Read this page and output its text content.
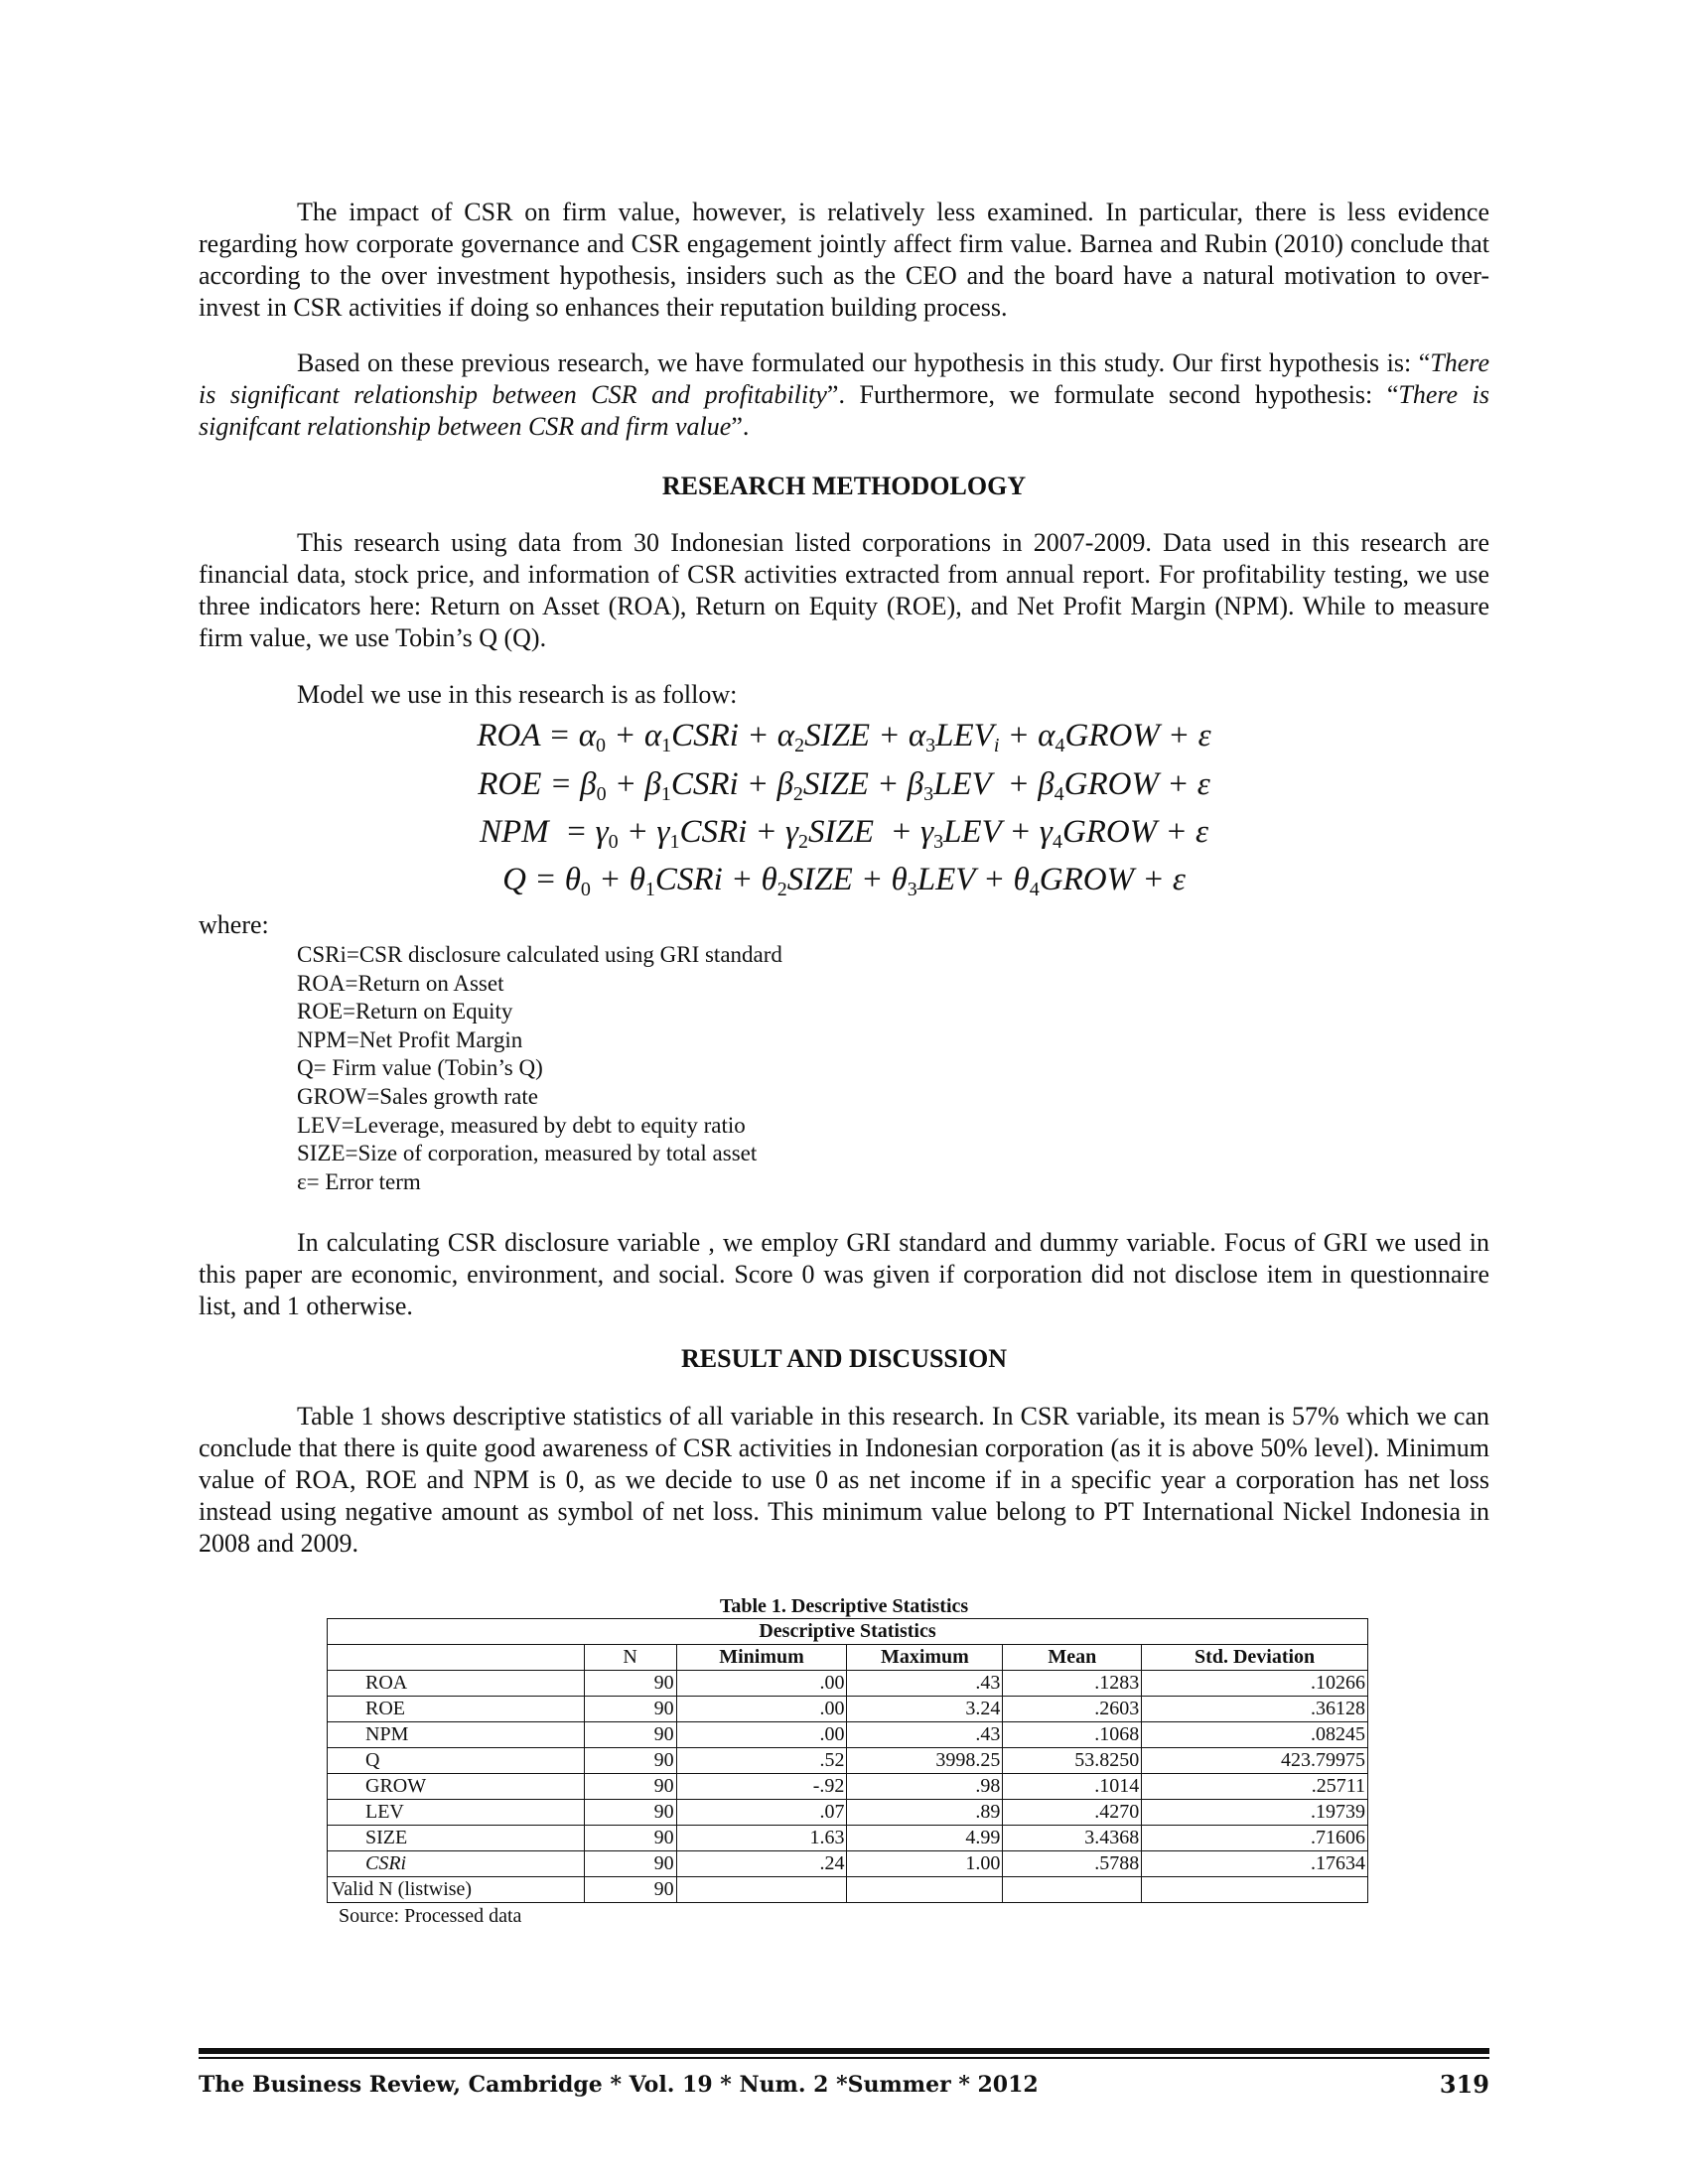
The impact of CSR on firm value, however, is relatively less examined. In particular, there is less evidence regarding how corporate governance and CSR engagement jointly affect firm value. Barnea and Rubin (2010) conclude that according to the over investment hypothesis, insiders such as the CEO and the board have a natural motivation to over-invest in CSR activities if doing so enhances their reputation building process.

Based on these previous research, we have formulated our hypothesis in this study. Our first hypothesis is: “There is significant relationship between CSR and profitability”. Furthermore, we formulate second hypothesis: “There is signifcant relationship between CSR and firm value”.

RESEARCH METHODOLOGY

This research using data from 30 Indonesian listed corporations in 2007-2009. Data used in this research are financial data, stock price, and information of CSR activities extracted from annual report. For profitability testing, we use three indicators here: Return on Asset (ROA), Return on Equity (ROE), and Net Profit Margin (NPM). While to measure firm value, we use Tobin’s Q (Q).

Model we use in this research is as follow:

ROA = $\alpha_0$ + $\alpha_1CSRi$ + $\alpha_2SIZE + \alpha_3LEV_i$ + $\alpha_4GROW + \varepsilon$
ROE = $\beta_0$ + $\beta_1CSRi$ + $\beta_2SIZE + \beta_3LEV$  + $\beta_4GROW + \varepsilon$
NPM  = $\gamma_0$ + $\gamma_1CSRi$ + $\gamma_2SIZE + \gamma_3LEV$ + $\gamma_4GROW + \varepsilon$
$Q = \theta_0$ + $\theta_1CSRi$ + $\theta_2SIZE + \theta_3LEV$ + $\theta_4GROW + \varepsilon$

where:

CSRi=CSR disclosure calculated using GRI standard
ROA=Return on Asset
ROE=Return on Equity
NPM=Net Profit Margin
Q= Firm value (Tobin’s Q)
GROW=Sales growth rate
LEV=Leverage, measured by debt to equity ratio
SIZE=Size of corporation, measured by total asset
ε= Error term

In calculating CSR disclosure variable , we employ GRI standard and dummy variable. Focus of GRI we used in this paper are economic, environment, and social. Score 0 was given if corporation did not disclose item in questionnaire list, and 1 otherwise.

RESULT AND DISCUSSION

Table 1 shows descriptive statistics of all variable in this research. In CSR variable, its mean is 57% which we can conclude that there is quite good awareness of CSR activities in Indonesian corporation (as it is above 50% level). Minimum value of ROA, ROE and NPM is 0, as we decide to use 0 as net income if in a specific year a corporation has net loss instead using negative amount as symbol of net loss. This minimum value belong to PT International Nickel Indonesia in 2008 and 2009.

Table 1. Descriptive Statistics
Descriptive Statistics					
	N	Minimum	Maximum	Mean	Std. Deviation
ROA	90	.00	.43	.1283	.10266
ROE	90	.00	3.24	.2603	.36128
NPM	90	.00	.43	.1068	.08245
Q	90	.52	3998.25	53.8250	423.79975
GROW	90	-.92	.98	.1014	.25711
LEV	90	.07	.89	.4270	.19739
SIZE	90	1.63	4.99	3.4368	.71606
CSRi	90	.24	1.00	.5788	.17634
Valid N (listwise)	90				
Source: Processed data
The Business Review, Cambridge * Vol. 19 * Num. 2 *Summer * 2012	319
